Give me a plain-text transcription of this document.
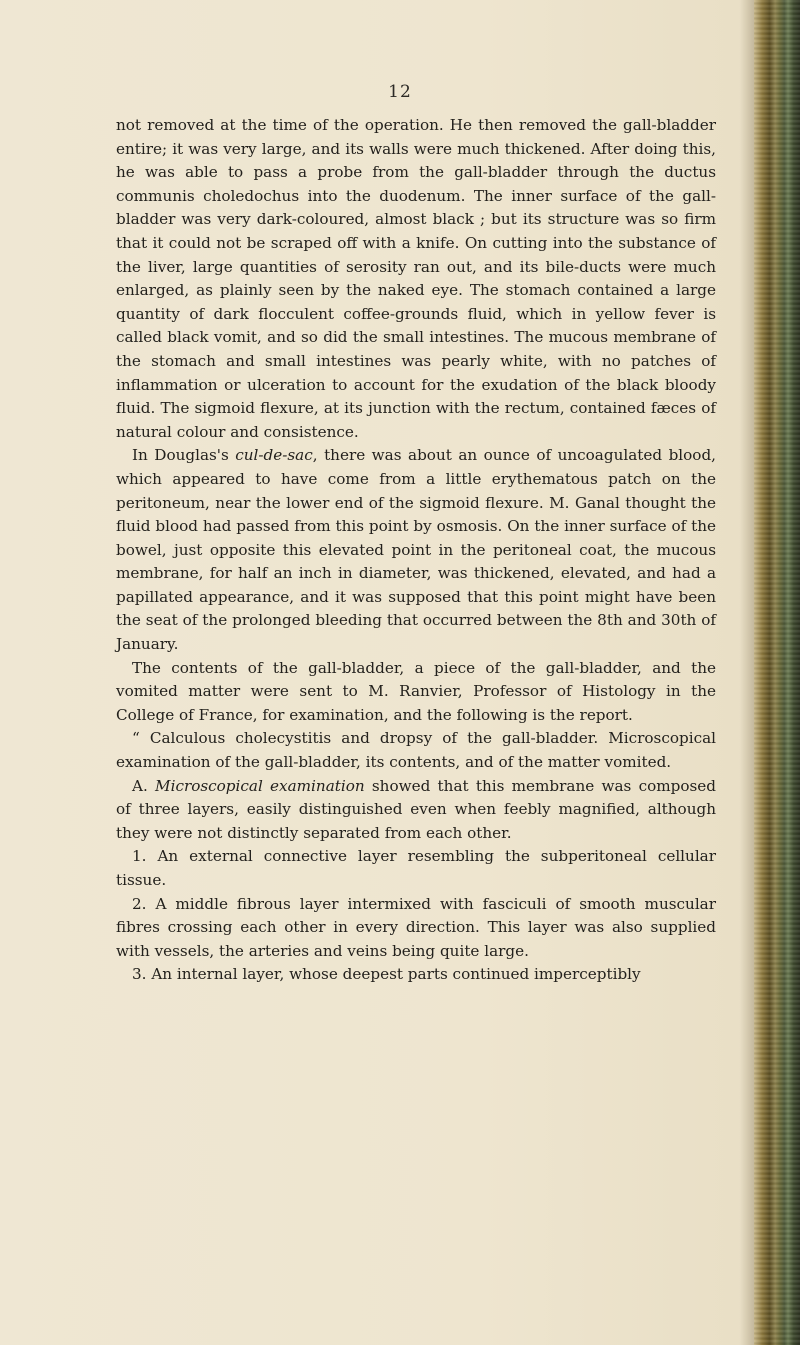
12

not removed at the time of the operation. He then removed the gall-bladder entire; it was very large, and its walls were much thickened. After doing this, he was able to pass a probe from the gall-bladder through the ductus communis choledochus into the duodenum. The inner surface of the gall-bladder was very dark-coloured, almost black ; but its structure was so firm that it could not be scraped off with a knife. On cutting into the substance of the liver, large quantities of serosity ran out, and its bile-ducts were much enlarged, as plainly seen by the naked eye. The stomach contained a large quantity of dark flocculent coffee-grounds fluid, which in yellow fever is called black vomit, and so did the small intestines. The mucous membrane of the stomach and small intestines was pearly white, with no patches of inflammation or ulceration to account for the exudation of the black bloody fluid. The sigmoid flexure, at its junction with the rectum, contained fæces of natural colour and consistence.

In Douglas's cul-de-sac, there was about an ounce of uncoagulated blood, which appeared to have come from a little erythematous patch on the peritoneum, near the lower end of the sigmoid flexure. M. Ganal thought the fluid blood had passed from this point by osmosis. On the inner surface of the bowel, just opposite this elevated point in the peritoneal coat, the mucous membrane, for half an inch in diameter, was thickened, elevated, and had a papillated appearance, and it was supposed that this point might have been the seat of the prolonged bleeding that occurred between the 8th and 30th of January.

The contents of the gall-bladder, a piece of the gall-bladder, and the vomited matter were sent to M. Ranvier, Professor of Histology in the College of France, for examination, and the following is the report.

“ Calculous cholecystitis and dropsy of the gall-bladder. Microscopical examination of the gall-bladder, its contents, and of the matter vomited.

A. Microscopical examination showed that this membrane was composed of three layers, easily distinguished even when feebly magnified, although they were not distinctly separated from each other.

1. An external connective layer resembling the subperitoneal cellular tissue.

2. A middle fibrous layer intermixed with fasciculi of smooth muscular fibres crossing each other in every direction. This layer was also supplied with vessels, the arteries and veins being quite large.

3. An internal layer, whose deepest parts continued imperceptibly
